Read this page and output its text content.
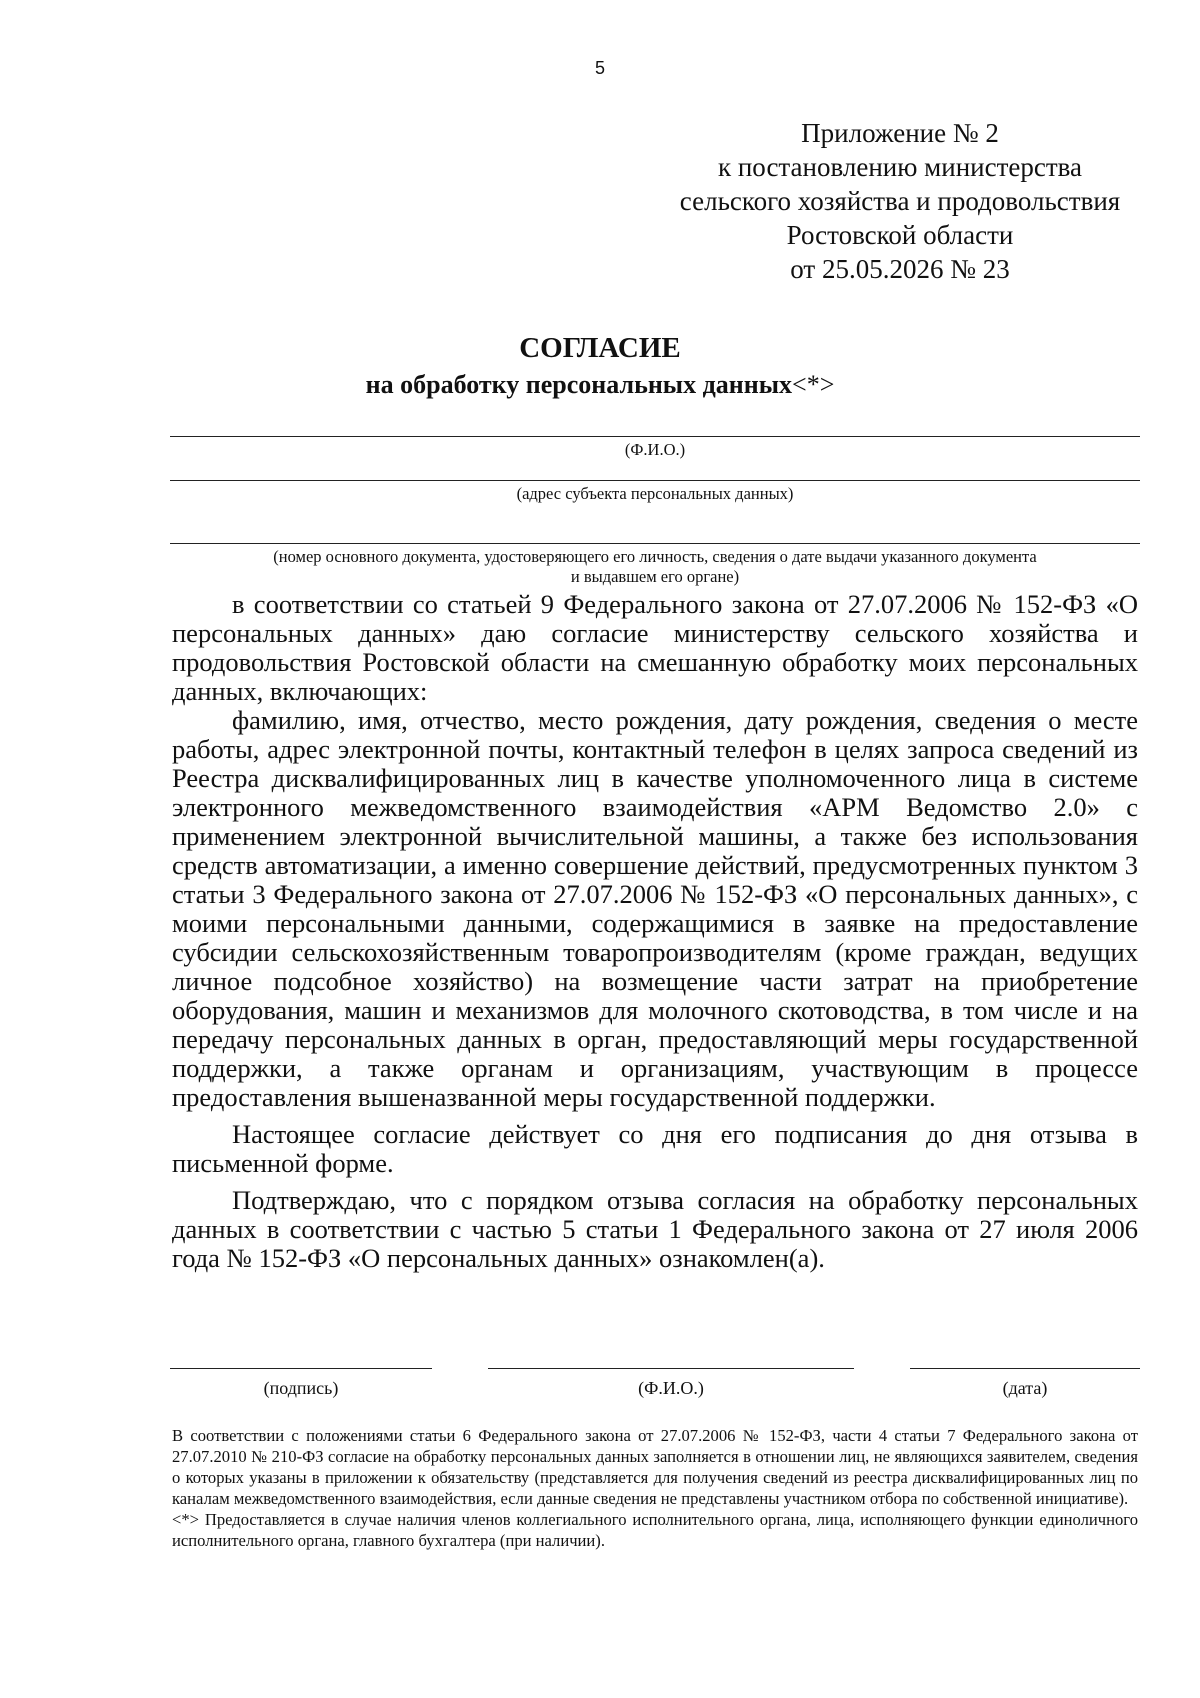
5
Приложение № 2
к постановлению министерства
сельского хозяйства и продовольствия
Ростовской области
от 25.05.2026 № 23
СОГЛАСИЕ
на обработку персональных данных<*>
(Ф.И.О.)
(адрес субъекта персональных данных)
(номер основного документа, удостоверяющего его личность, сведения о дате выдачи указанного документа
и выдавшем его органе)

в соответствии со статьей 9 Федерального закона от 27.07.2006 № 152-ФЗ «О персональных данных» даю согласие министерству сельского хозяйства и продовольствия Ростовской области на смешанную обработку моих персональных данных, включающих:

фамилию, имя, отчество, место рождения, дату рождения, сведения о месте работы, адрес электронной почты, контактный телефон в целях запроса сведений из Реестра дисквалифицированных лиц в качестве уполномоченного лица в системе электронного межведомственного взаимодействия «АРМ Ведомство 2.0» с применением электронной вычислительной машины, а также без использования средств автоматизации, а именно совершение действий, предусмотренных пунктом 3 статьи 3 Федерального закона от 27.07.2006 № 152-ФЗ «О персональных данных», с моими персональными данными, содержащимися в заявке на предоставление субсидии сельскохозяйственным товаропроизводителям (кроме граждан, ведущих личное подсобное хозяйство) на возмещение части затрат на приобретение оборудования, машин и механизмов для молочного скотоводства, в том числе и на передачу персональных данных в орган, предоставляющий меры государственной поддержки, а также органам и организациям, участвующим в процессе предоставления вышеназванной меры государственной поддержки.

Настоящее согласие действует со дня его подписания до дня отзыва в письменной форме.

Подтверждаю, что с порядком отзыва согласия на обработку персональных данных в соответствии с частью 5 статьи 1 Федерального закона от 27 июля 2006 года № 152-ФЗ «О персональных данных» ознакомлен(а).

(подпись)	(Ф.И.О.)	(дата)

В соответствии с положениями статьи 6 Федерального закона от 27.07.2006 № 152-ФЗ, части 4 статьи 7 Федерального закона от 27.07.2010 № 210-ФЗ согласие на обработку персональных данных заполняется в отношении лиц, не являющихся заявителем, сведения о которых указаны в приложении к обязательству (представляется для получения сведений из реестра дисквалифицированных лиц по каналам межведомственного взаимодействия, если данные сведения не представлены участником отбора по собственной инициативе).

<*> Предоставляется в случае наличия членов коллегиального исполнительного органа, лица, исполняющего функции единоличного исполнительного органа, главного бухгалтера (при наличии).
